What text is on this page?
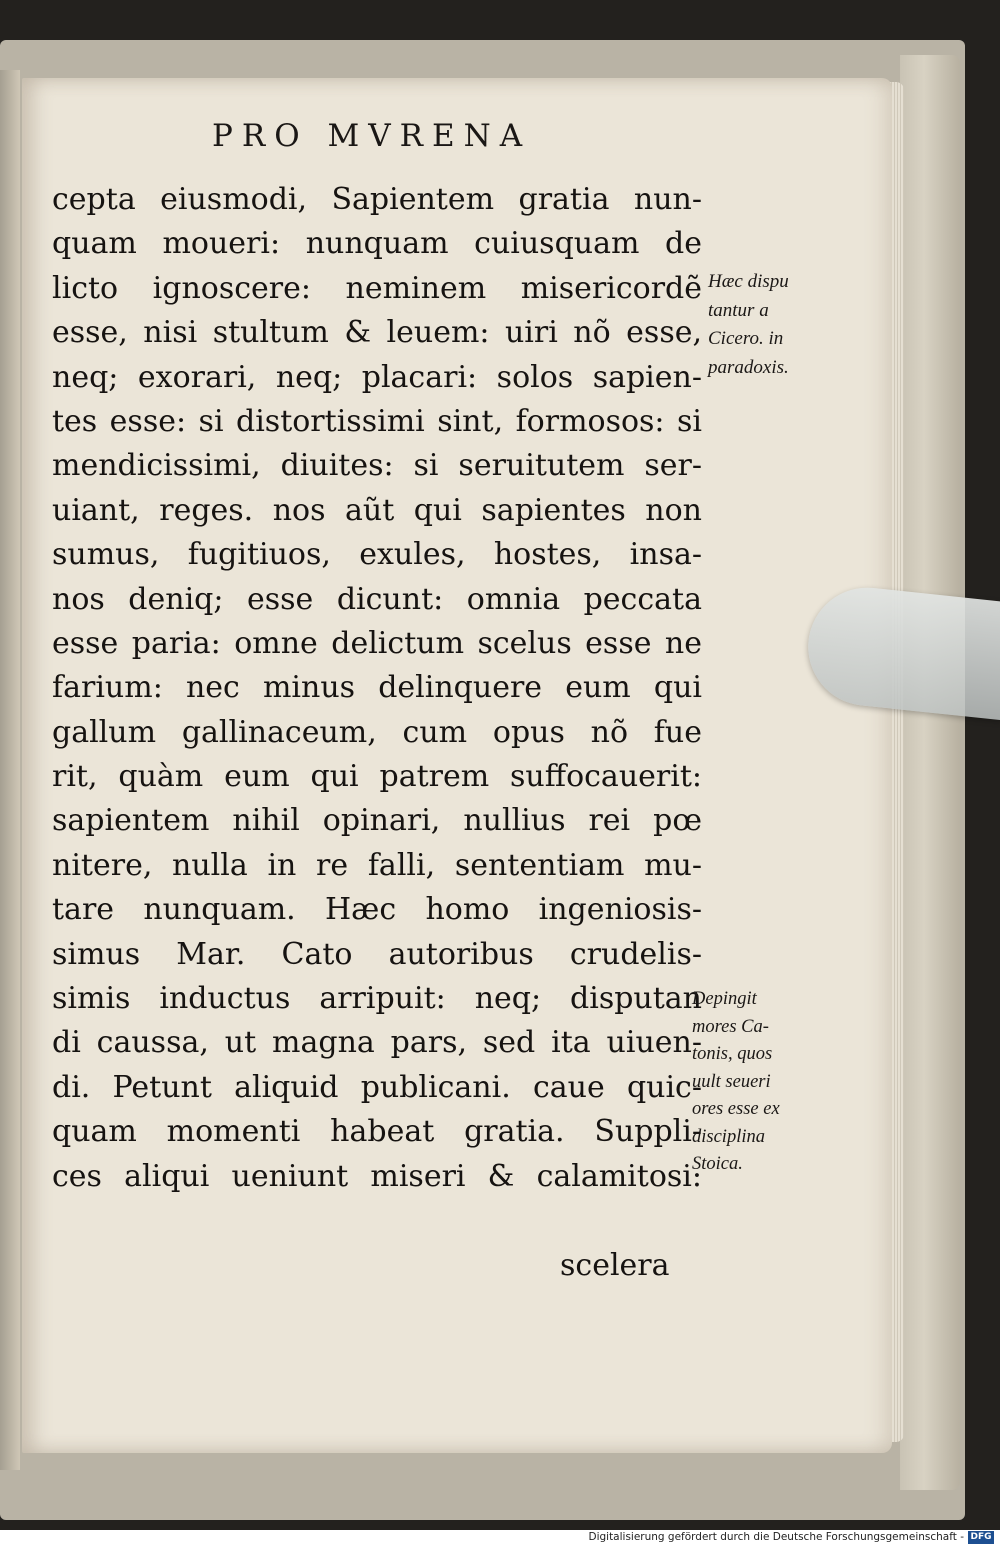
PRO MVRENA
cepta eiusmodi, Sapientem gratia nun-
quam moueri: nunquam cuiusquam de
licto ignoscere: neminem misericordẽ
esse, nisi stultum & leuem: uiri nõ esse,
neq; exorari, neq; placari: solos sapien-
tes esse: si distortissimi sint, formosos: si
mendicissimi, diuites: si seruitutem ser-
uiant, reges. nos aũt qui sapientes non
sumus, fugitiuos, exules, hostes, insa-
nos deniq; esse dicunt: omnia peccata
esse paria: omne delictum scelus esse ne
farium: nec minus delinquere eum qui
gallum gallinaceum, cum opus nõ fue
rit, quàm eum qui patrem suffocauerit:
sapientem nihil opinari, nullius rei pœ
nitere, nulla in re falli, sententiam mu-
tare nunquam. Hæc homo ingeniosis-
simus Mar. Cato autoribus crudelis-
simis inductus arripuit: neq; disputan
di caussa, ut magna pars, sed ita uiuen-
di. Petunt aliquid publicani. caue quic-
quam momenti habeat gratia. Suppli-
ces aliqui ueniunt miseri & calamitosi:
scelera
Hæc dispu
tantur a
Cicero. in
paradoxis.
Depingit
mores Ca-
tonis, quos
uult seueri
ores esse ex
disciplina
Stoica.
Digitalisierung gefördert durch die Deutsche Forschungsgemeinschaft - DFG
